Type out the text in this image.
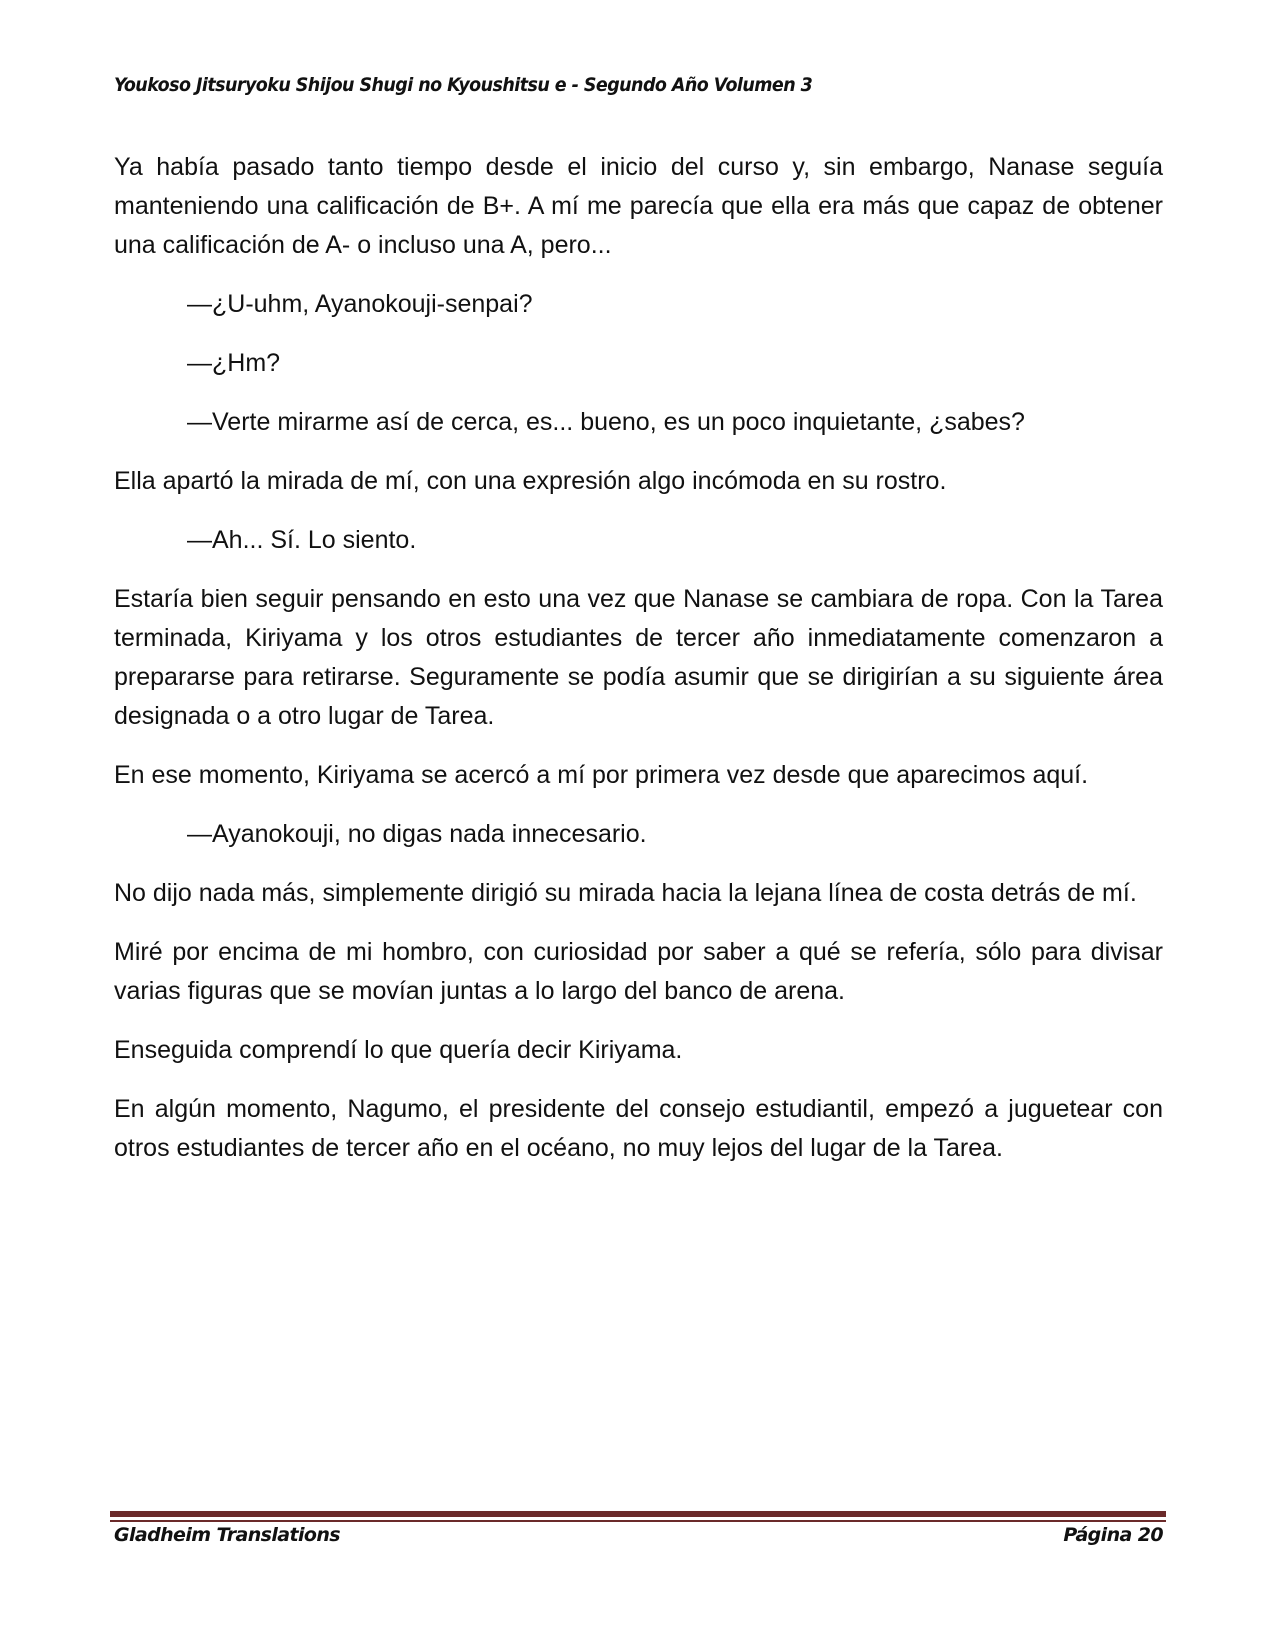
Youkoso Jitsuryoku Shijou Shugi no Kyoushitsu e - Segundo Año Volumen 3

Ya había pasado tanto tiempo desde el inicio del curso y, sin embargo, Nanase seguía manteniendo una calificación de B+. A mí me parecía que ella era más que capaz de obtener una calificación de A- o incluso una A, pero...

—¿U-uhm, Ayanokouji-senpai?

—¿Hm?

—Verte mirarme así de cerca, es... bueno, es un poco inquietante, ¿sabes?

Ella apartó la mirada de mí, con una expresión algo incómoda en su rostro.

—Ah... Sí. Lo siento.

Estaría bien seguir pensando en esto una vez que Nanase se cambiara de ropa. Con la Tarea terminada, Kiriyama y los otros estudiantes de tercer año inmediatamente comenzaron a prepararse para retirarse. Seguramente se podía asumir que se dirigirían a su siguiente área designada o a otro lugar de Tarea.

En ese momento, Kiriyama se acercó a mí por primera vez desde que aparecimos aquí.

—Ayanokouji, no digas nada innecesario.

No dijo nada más, simplemente dirigió su mirada hacia la lejana línea de costa detrás de mí.

Miré por encima de mi hombro, con curiosidad por saber a qué se refería, sólo para divisar varias figuras que se movían juntas a lo largo del banco de arena.

Enseguida comprendí lo que quería decir Kiriyama.

En algún momento, Nagumo, el presidente del consejo estudiantil, empezó a juguetear con otros estudiantes de tercer año en el océano, no muy lejos del lugar de la Tarea.

Gladheim Translations	Página 20
